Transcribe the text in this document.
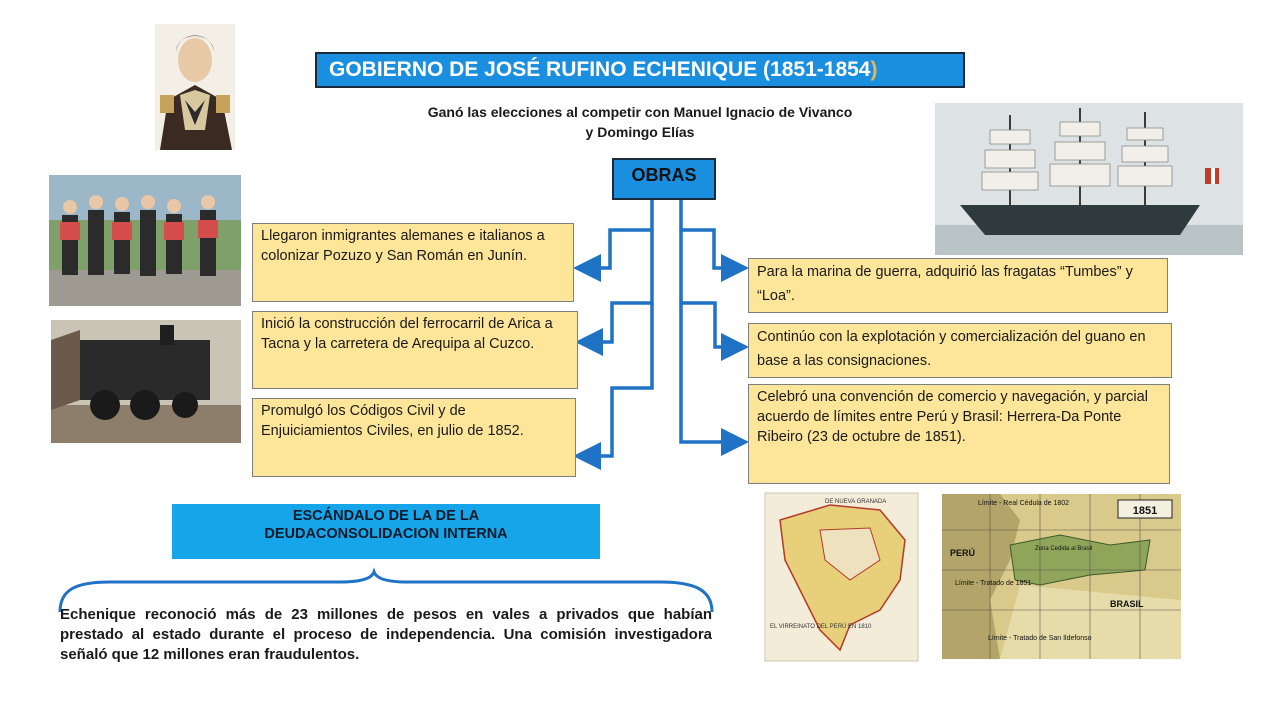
DE NUEVA GRANADA
EL VIRREINATO DEL PERÚ EN 1810
1851
PERÚ
BRASIL
Límite - Real Cédula de 1802
Zona Cedida al Brasil
Límite - Tratado de 1851
Límite - Tratado de San Ildefonso
GOBIERNO DE JOSÉ RUFINO ECHENIQUE (1851-1854)
Ganó las elecciones al competir con Manuel Ignacio de Vivanco
y Domingo Elías
OBRAS
Llegaron inmigrantes alemanes e italianos a colonizar Pozuzo y San Román en Junín.
Inició la construcción del ferrocarril de Arica a Tacna y la carretera de Arequipa al Cuzco.
Promulgó los Códigos Civil y de Enjuiciamientos Civiles, en julio de 1852.
Para la marina de guerra, adquirió las fragatas “Tumbes” y “Loa”.
Continúo con la explotación y comercialización del guano en base a las consignaciones.
Celebró una convención de comercio y navegación, y parcial acuerdo de límites entre Perú y Brasil: Herrera-Da Ponte Ribeiro (23 de octubre de 1851).
ESCÁNDALO DE LA DE LA
DEUDACONSOLIDACION INTERNA
Echenique reconoció más de 23 millones de pesos en vales a privados que habían prestado al estado durante el proceso de independencia. Una comisión investigadora señaló que 12 millones eran fraudulentos.
